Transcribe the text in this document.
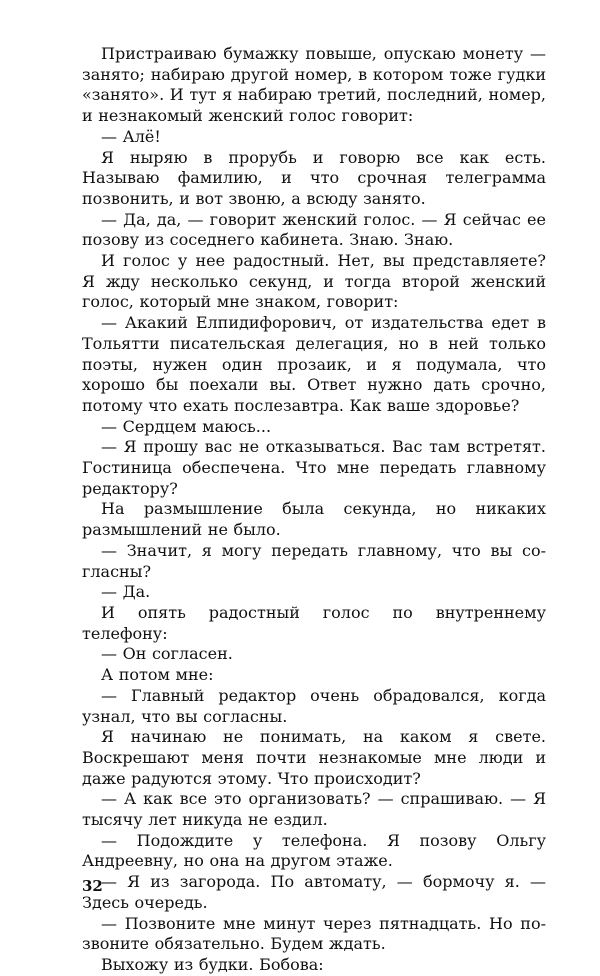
Пристраиваю бумажку повыше, опускаю монету — занято; набираю другой номер, в котором тоже гудки «занято». И тут я набираю третий, последний, номер, и незнакомый женский голос говорит:

— Алё!

Я ныряю в прорубь и говорю все как есть. Называю фамилию, и что срочная телеграмма позвонить, и вот звоню, а всюду занято.

— Да, да, — говорит женский голос. — Я сейчас ее позову из соседнего кабинета. Знаю. Знаю.

И голос у нее радостный. Нет, вы представляете? Я жду несколько секунд, и тогда второй женский голос, который мне знаком, говорит:

— Акакий Елпидифорович, от издательства едет в Тольятти писательская делегация, но в ней только поэты, нужен один прозаик, и я подумала, что хорошо бы поехали вы. Ответ нужно дать срочно, потому что ехать послезавтра. Как ваше здоровье?

— Сердцем маюсь...

— Я прошу вас не отказываться. Вас там встретят. Гостиница обеспечена. Что мне передать главному редактору?

На размышление была секунда, но никаких размышлений не было.

— Значит, я могу передать главному, что вы согласны?

— Да.

И опять радостный голос по внутреннему телефону:

— Он согласен.

А потом мне:

— Главный редактор очень обрадовался, когда узнал, что вы согласны.

Я начинаю не понимать, на каком я свете. Воскрешают меня почти незнакомые мне люди и даже радуются этому. Что происходит?

— А как все это организовать? — спрашиваю. — Я тысячу лет никуда не ездил.

— Подождите у телефона. Я позову Ольгу Андреевну, но она на другом этаже.

— Я из загорода. По автомату, — бормочу я. — Здесь очередь.

— Позвоните мне минут через пятнадцать. Но позвоните обязательно. Будем ждать.

Выхожу из будки. Бобова:

32
